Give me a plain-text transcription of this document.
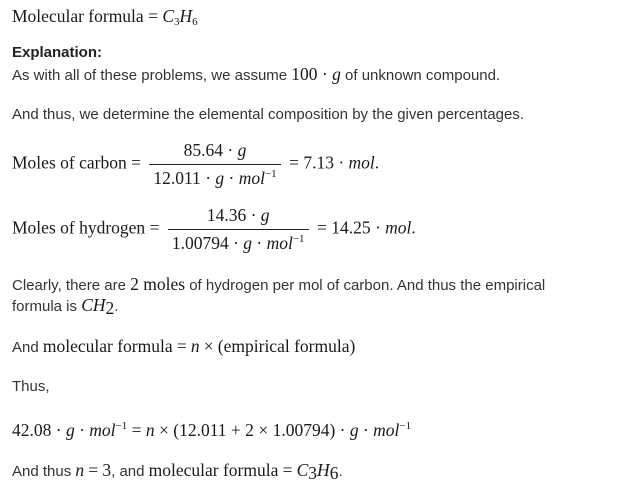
Molecular formula = $C_3H_6$
Explanation:
As with all of these problems, we assume 100 · g of unknown compound.
And thus, we determine the elemental composition by the given percentages.
Moles of carbon = $\frac{85.64 \cdot g}{12.011 \cdot g \cdot mol^{-1}} = 7.13$ · mol.
Moles of hydrogen = $\frac{14.36 \cdot g}{1.00794 \cdot g \cdot mol^{-1}} = 14.25$ · mol.
Clearly, there are 2 moles of hydrogen per mol of carbon. And thus the empirical
formula is $CH_2$.
And molecular formula = n × (empirical formula)
Thus,
42.08 · g · mol$^{-1}$ = n × (12.011 + 2 × 1.00794) · g · mol$^{-1}$
And thus n = 3, and molecular formula = $C_3H_6$.
